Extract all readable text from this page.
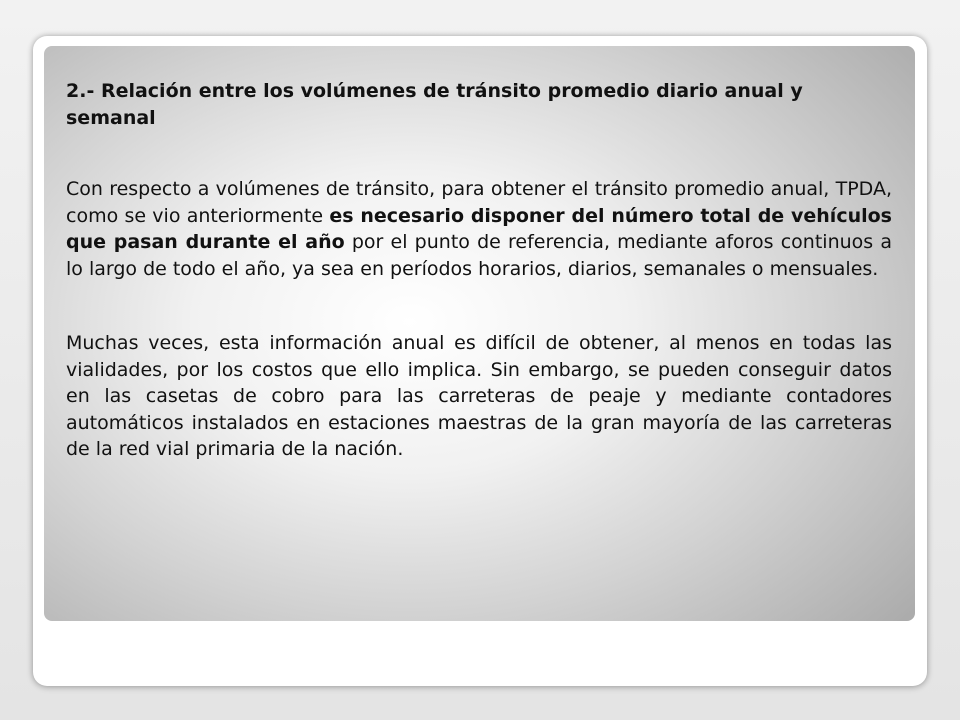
2.- Relación entre los volúmenes de tránsito promedio diario anual y semanal

Con respecto a volúmenes de tránsito, para obtener el tránsito promedio anual, TPDA, como se vio anteriormente es necesario disponer del número total de vehículos que pasan durante el año por el punto de referencia, mediante aforos continuos a lo largo de todo el año, ya sea en períodos horarios, diarios, semanales o mensuales.

Muchas veces, esta información anual es difícil de obtener, al menos en todas las vialidades, por los costos que ello implica. Sin embargo, se pueden conseguir datos en las casetas de cobro para las carreteras de peaje y mediante contadores automáticos instalados en estaciones maestras de la gran mayoría de las carreteras de la red vial primaria de la nación.
